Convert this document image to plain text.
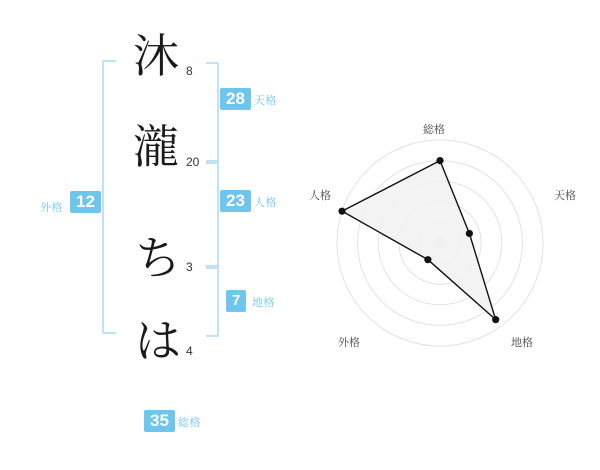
沐 8
瀧 20
ち 3
は 4
28 天格
23 人格
7	地格
外格 12
35 総格
総格
天格
地格
外格
人格
